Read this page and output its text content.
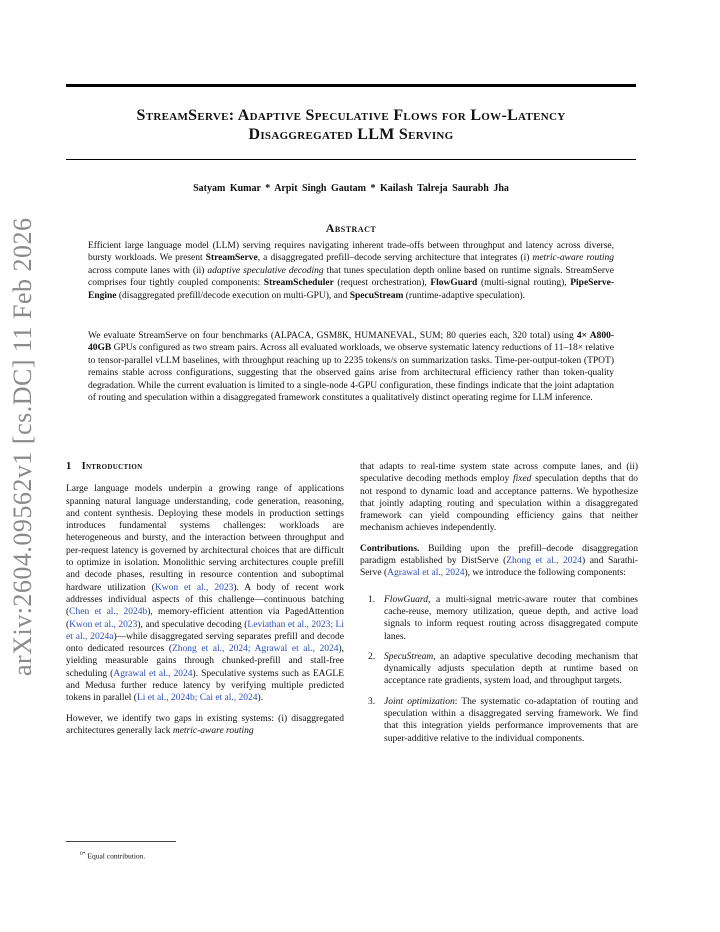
StreamServe: Adaptive Speculative Flows for Low-Latency
Disaggregated LLM Serving
Satyam Kumar * Arpit Singh Gautam * Kailash Talreja Saurabh Jha
Abstract

Efficient large language model (LLM) serving requires navigating inherent trade-offs between throughput and latency across diverse, bursty workloads. We present StreamServe, a disaggregated prefill–decode serving architecture that integrates (i) metric-aware routing across compute lanes with (ii) adaptive speculative decoding that tunes speculation depth online based on runtime signals. StreamServe comprises four tightly coupled components: StreamScheduler (request orchestration), FlowGuard (multi-signal routing), PipeServe-Engine (disaggregated prefill/decode execution on multi-GPU), and SpecuStream (runtime-adaptive speculation).

We evaluate StreamServe on four benchmarks (ALPACA, GSM8K, HUMANEVAL, SUM; 80 queries each, 320 total) using 4× A800-40GB GPUs configured as two stream pairs. Across all evaluated workloads, we observe systematic latency reductions of 11–18× relative to tensor-parallel vLLM baselines, with throughput reaching up to 2235 tokens/s on summarization tasks. Time-per-output-token (TPOT) remains stable across configurations, suggesting that the observed gains arise from architectural efficiency rather than token-quality degradation. While the current evaluation is limited to a single-node 4-GPU configuration, these findings indicate that the joint adaptation of routing and speculation within a disaggregated framework constitutes a qualitatively distinct operating regime for LLM inference.

arXiv:2604.09562v1 [cs.DC] 11 Feb 2026	1 Introduction

Large language models underpin a growing range of applications spanning natural language understanding, code generation, reasoning, and content synthesis. Deploying these models in production settings introduces fundamental systems challenges: workloads are heterogeneous and bursty, and the interaction between throughput and per-request latency is governed by architectural choices that are difficult to optimize in isolation. Monolithic serving architectures couple prefill and decode phases, resulting in resource contention and suboptimal hardware utilization (Kwon et al., 2023). A body of recent work addresses individual aspects of this challenge—continuous batching (Chen et al., 2024b), memory-efficient attention via PagedAttention (Kwon et al., 2023), and speculative decoding (Leviathan et al., 2023; Li et al., 2024a)—while disaggregated serving separates prefill and decode onto dedicated resources (Zhong et al., 2024; Agrawal et al., 2024), yielding measurable gains through chunked-prefill and stall-free scheduling (Agrawal et al., 2024). Speculative systems such as EAGLE and Medusa further reduce latency by verifying multiple predicted tokens in parallel (Li et al., 2024b; Cai et al., 2024).

However, we identify two gaps in existing systems: (i) disaggregated architectures generally lack metric-aware routing

that adapts to real-time system state across compute lanes, and (ii) speculative decoding methods employ fixed speculation depths that do not respond to dynamic load and acceptance patterns. We hypothesize that jointly adapting routing and speculation within a disaggregated framework can yield compounding efficiency gains that neither mechanism achieves independently.

Contributions. Building upon the prefill–decode disaggregation paradigm established by DistServe (Zhong et al., 2024) and Sarathi-Serve (Agrawal et al., 2024), we introduce the following components:

1. FlowGuard, a multi-signal metric-aware router that combines cache-reuse, memory utilization, queue depth, and active load signals to inform request routing across disaggregated compute lanes.
2. SpecuStream, an adaptive speculative decoding mechanism that dynamically adjusts speculation depth at runtime based on acceptance rate gradients, system load, and throughput targets.
3. Joint optimization: The systematic co-adaptation of routing and speculation within a disaggregated serving framework. We find that this integration yields performance improvements that are super-additive relative to the individual components.
$^{0*}$ Equal contribution.
